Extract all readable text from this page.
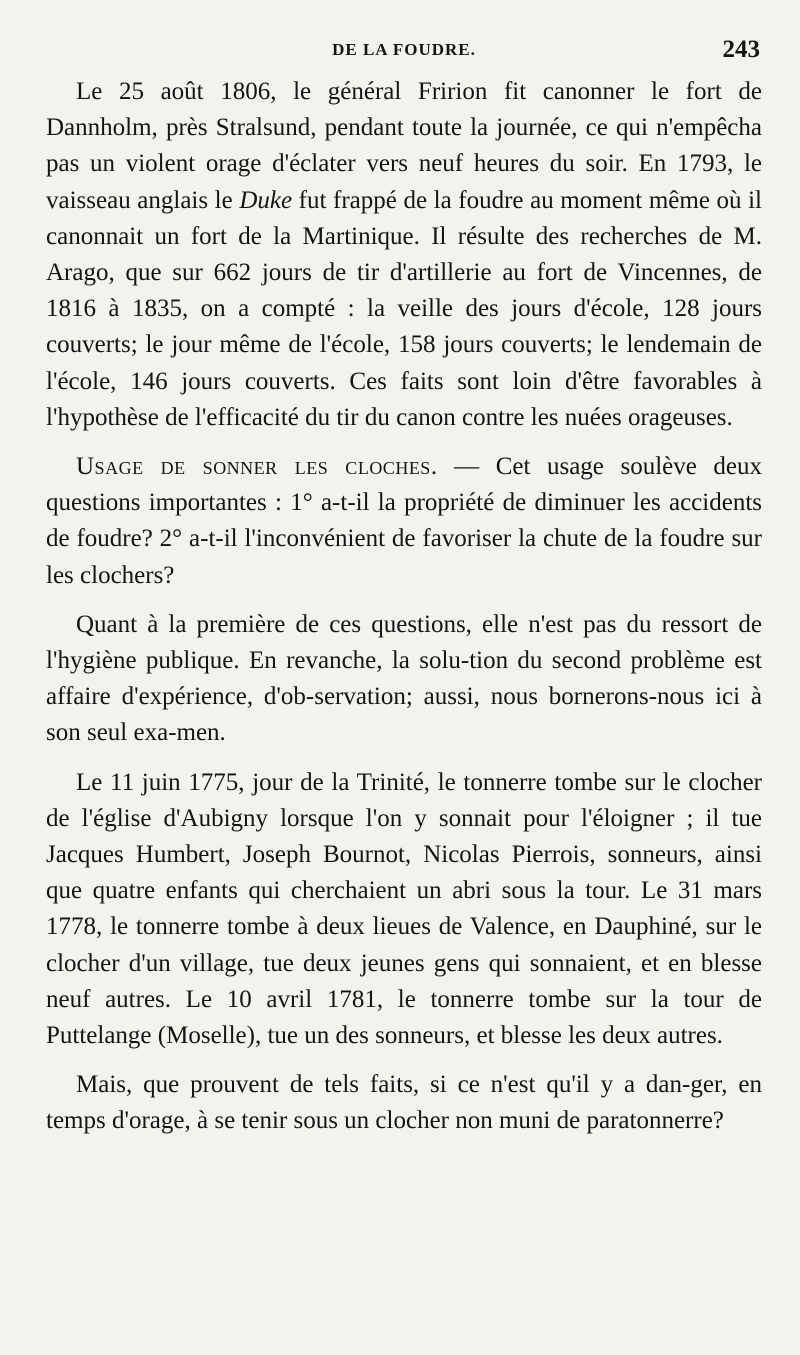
DE LA FOUDRE.	243

Le 25 août 1806, le général Fririon fit canonner le fort de Dannholm, près Stralsund, pendant toute la journée, ce qui n'empêcha pas un violent orage d'éclater vers neuf heures du soir. En 1793, le vaisseau anglais le Duke fut frappé de la foudre au moment même où il canonnait un fort de la Martinique. Il résulte des recherches de M. Arago, que sur 662 jours de tir d'artillerie au fort de Vincennes, de 1816 à 1835, on a compté : la veille des jours d'école, 128 jours couverts; le jour même de l'école, 158 jours couverts; le lendemain de l'école, 146 jours couverts. Ces faits sont loin d'être favorables à l'hypothèse de l'efficacité du tir du canon contre les nuées orageuses.

Usage de sonner les cloches. — Cet usage soulève deux questions importantes : 1° a-t-il la propriété de diminuer les accidents de foudre? 2° a-t-il l'inconvénient de favoriser la chute de la foudre sur les clochers?

Quant à la première de ces questions, elle n'est pas du ressort de l'hygiène publique. En revanche, la solu-tion du second problème est affaire d'expérience, d'ob-servation; aussi, nous bornerons-nous ici à son seul exa-men.

Le 11 juin 1775, jour de la Trinité, le tonnerre tombe sur le clocher de l'église d'Aubigny lorsque l'on y sonnait pour l'éloigner ; il tue Jacques Humbert, Joseph Bournot, Nicolas Pierrois, sonneurs, ainsi que quatre enfants qui cherchaient un abri sous la tour. Le 31 mars 1778, le tonnerre tombe à deux lieues de Valence, en Dauphiné, sur le clocher d'un village, tue deux jeunes gens qui sonnaient, et en blesse neuf autres. Le 10 avril 1781, le tonnerre tombe sur la tour de Puttelange (Moselle), tue un des sonneurs, et blesse les deux autres.

Mais, que prouvent de tels faits, si ce n'est qu'il y a dan-ger, en temps d'orage, à se tenir sous un clocher non muni de paratonnerre?
